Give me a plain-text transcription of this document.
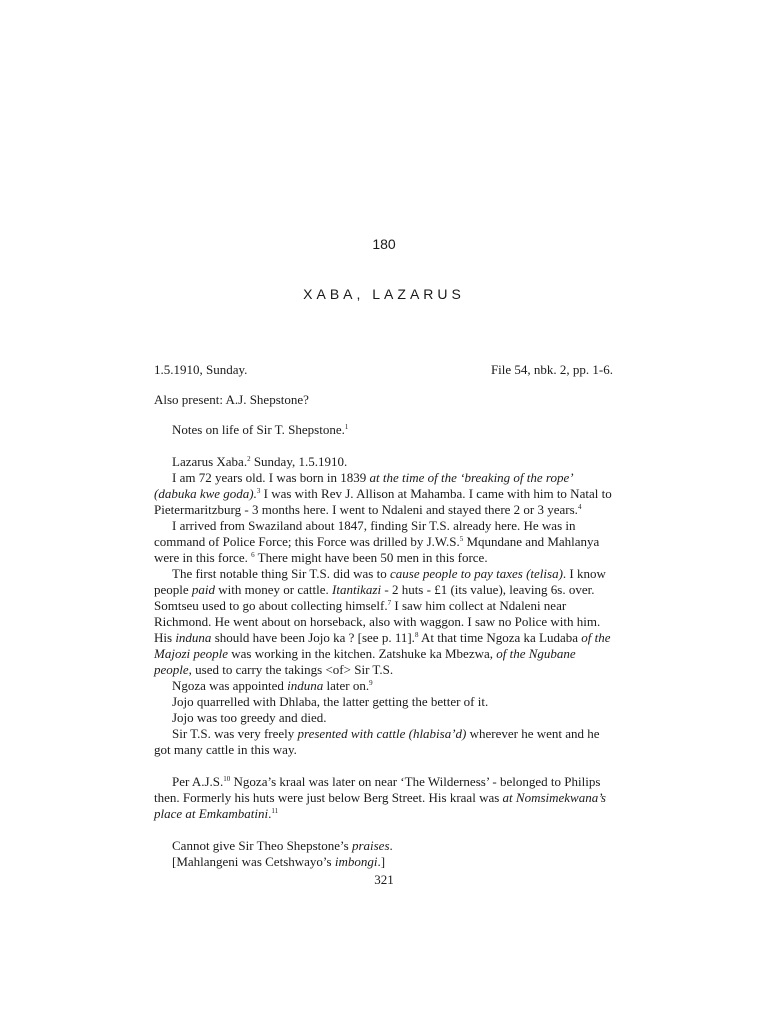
180
XABA, LAZARUS
1.5.1910, Sunday.	File 54, nbk. 2, pp. 1-6.
Also present: A.J. Shepstone?

Notes on life of Sir T. Shepstone.$^1$

Lazarus Xaba.$^2$ Sunday, 1.5.1910.

I am 72 years old. I was born in 1839 at the time of the ‘breaking of the rope’ (dabuka kwe goda).$^3$ I was with Rev J. Allison at Mahamba. I came with him to Natal to Pietermaritzburg - 3 months here. I went to Ndaleni and stayed there 2 or 3 years.$^4$

I arrived from Swaziland about 1847, finding Sir T.S. already here. He was in command of Police Force; this Force was drilled by J.W.S.$^5$ Mqundane and Mahlanya were in this force. $^6$ There might have been 50 men in this force.

The first notable thing Sir T.S. did was to cause people to pay taxes (telisa). I know people paid with money or cattle. Itantikazi - 2 huts - £1 (its value), leaving 6s. over. Somtseu used to go about collecting himself.$^7$ I saw him collect at Ndaleni near Richmond. He went about on horseback, also with waggon. I saw no Police with him. His induna should have been Jojo ka ? [see p. 11].$^8$ At that time Ngoza ka Ludaba of the Majozi people was working in the kitchen. Zatshuke ka Mbezwa, of the Ngubane people, used to carry the takings <of> Sir T.S.

Ngoza was appointed induna later on.$^9$

Jojo quarrelled with Dhlaba, the latter getting the better of it.

Jojo was too greedy and died.

Sir T.S. was very freely presented with cattle (hlabisa’d) wherever he went and he got many cattle in this way.

Per A.J.S.$^{10}$ Ngoza’s kraal was later on near ‘The Wilderness’ - belonged to Philips then. Formerly his huts were just below Berg Street. His kraal was at Nomsimekwana’s place at Emkambatini.$^{11}$

Cannot give Sir Theo Shepstone’s praises.

[Mahlangeni was Cetshwayo’s imbongi.]

321
